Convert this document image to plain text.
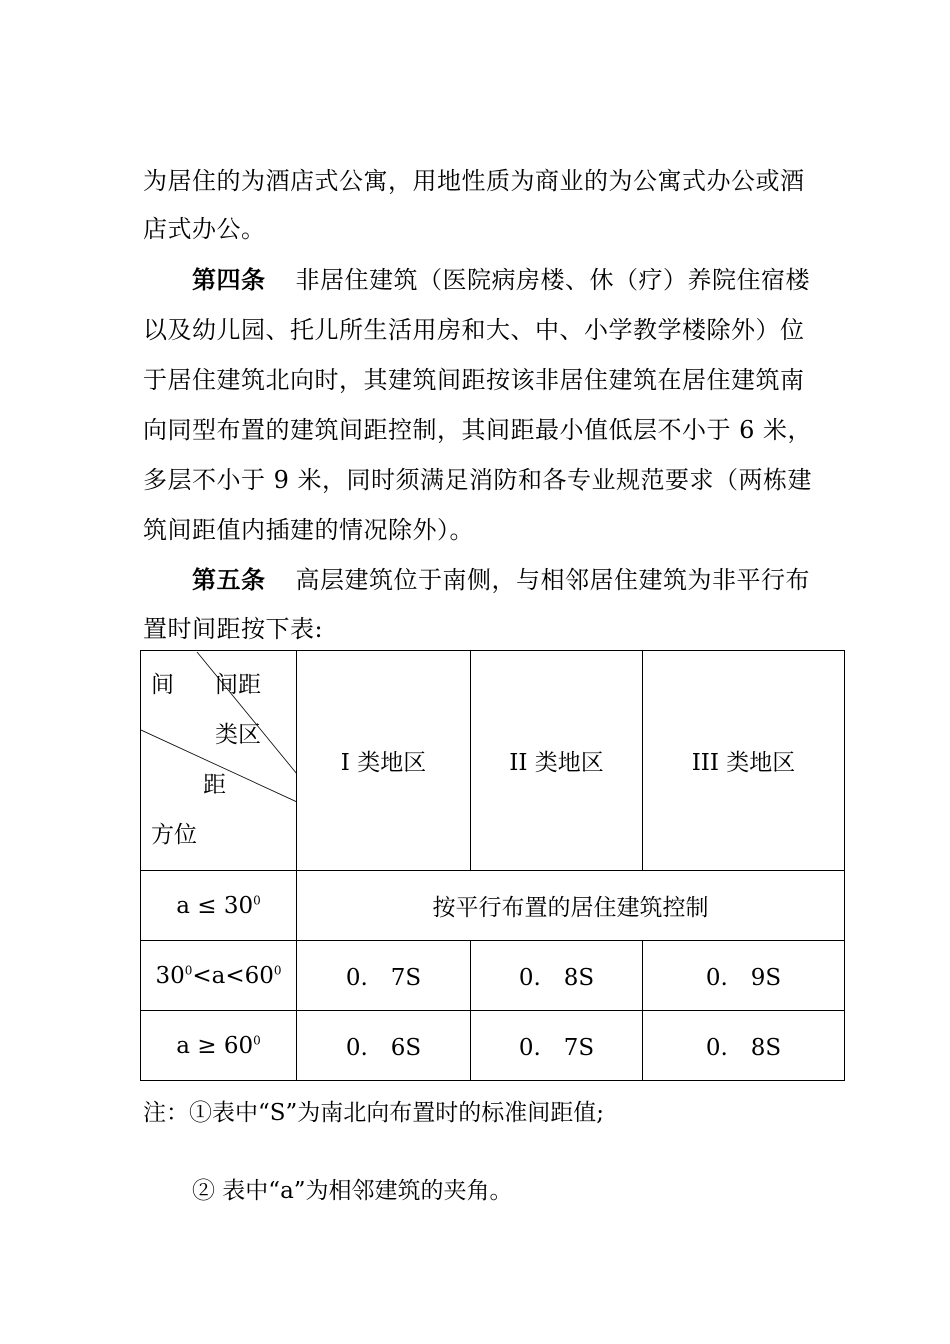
为居住的为酒店式公寓，用地性质为商业的为公寓式办公或酒
店式办公。
第四条 非居住建筑（医院病房楼、休（疗）养院住宿楼
以及幼儿园、托儿所生活用房和大、中、小学教学楼除外）位
于居住建筑北向时，其建筑间距按该非居住建筑在居住建筑南
向同型布置的建筑间距控制，其间距最小值低层不小于 6 米，
多层不小于 9 米，同时须满足消防和各专业规范要求（两栋建
筑间距值内插建的情况除外）。
第五条 高层建筑位于南侧，与相邻居住建筑为非平行布
置时间距按下表:
间 间距
类区
距
方位	I 类地区	II 类地区	III 类地区
$a \le 30^0$	按平行布置的居住建筑控制		
$30^0<a<60^0$	0.　7S	0.　8S	0.　9S
$a \ge 60^0$	0.　6S	0.　7S	0.　8S
注：①表中“S”为南北向布置时的标准间距值;
② 表中“a”为相邻建筑的夹角。
